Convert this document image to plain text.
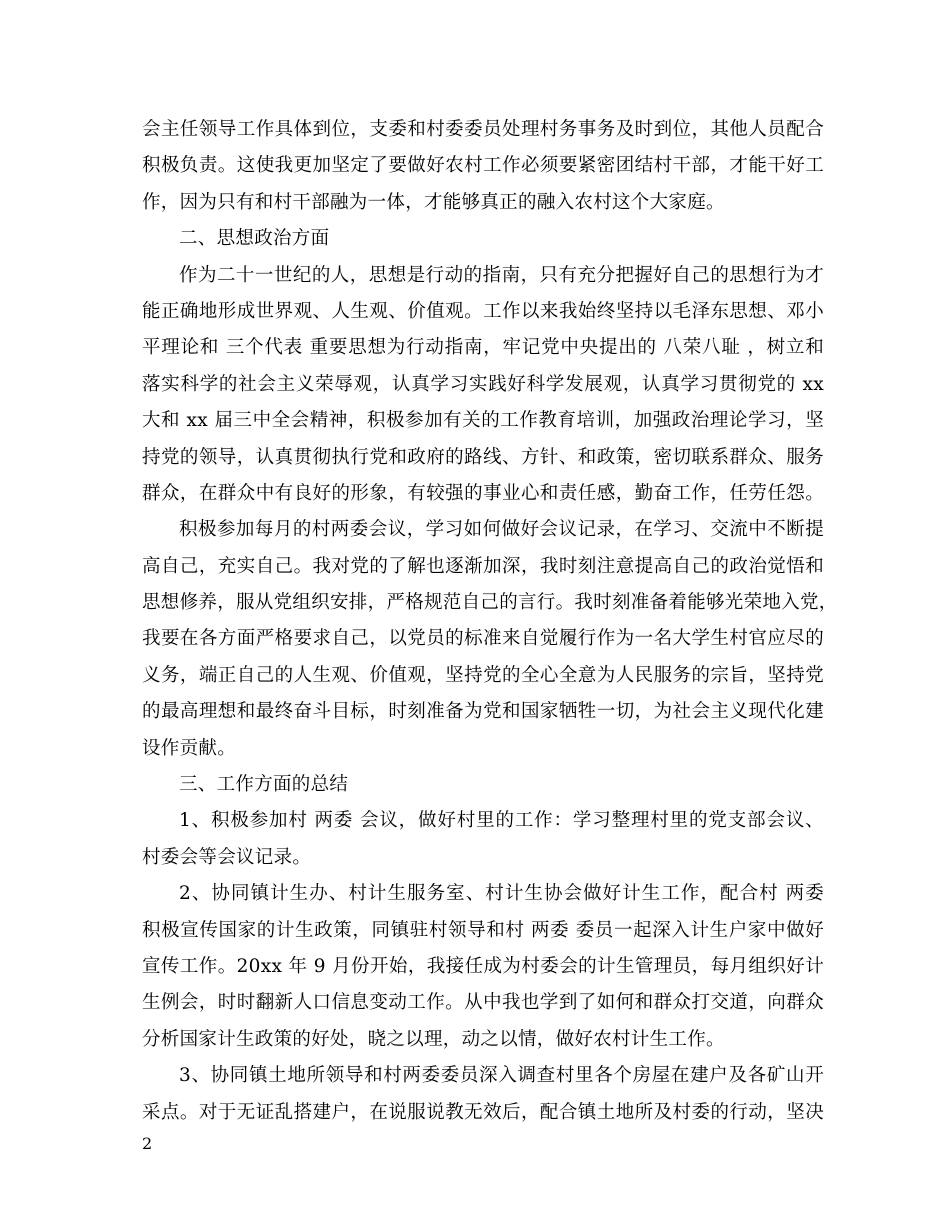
会主任领导工作具体到位，支委和村委委员处理村务事务及时到位，其他人员配合
积极负责。这使我更加坚定了要做好农村工作必须要紧密团结村干部，才能干好工
作，因为只有和村干部融为一体，才能够真正的融入农村这个大家庭。
二、思想政治方面
作为二十一世纪的人，思想是行动的指南，只有充分把握好自己的思想行为才
能正确地形成世界观、人生观、价值观。工作以来我始终坚持以毛泽东思想、邓小
平理论和 三个代表 重要思想为行动指南，牢记党中央提出的 八荣八耻 ，树立和
落实科学的社会主义荣辱观，认真学习实践好科学发展观，认真学习贯彻党的 xx
大和 xx 届三中全会精神，积极参加有关的工作教育培训，加强政治理论学习，坚
持党的领导，认真贯彻执行党和政府的路线、方针、和政策，密切联系群众、服务
群众，在群众中有良好的形象，有较强的事业心和责任感，勤奋工作，任劳任怨。
积极参加每月的村两委会议，学习如何做好会议记录，在学习、交流中不断提
高自己，充实自己。我对党的了解也逐渐加深，我时刻注意提高自己的政治觉悟和
思想修养，服从党组织安排，严格规范自己的言行。我时刻准备着能够光荣地入党，
我要在各方面严格要求自己，以党员的标准来自觉履行作为一名大学生村官应尽的
义务，端正自己的人生观、价值观，坚持党的全心全意为人民服务的宗旨，坚持党
的最高理想和最终奋斗目标，时刻准备为党和国家牺牲一切，为社会主义现代化建
设作贡献。
三、工作方面的总结
1、积极参加村 两委 会议，做好村里的工作：学习整理村里的党支部会议、
村委会等会议记录。
2、协同镇计生办、村计生服务室、村计生协会做好计生工作，配合村 两委
积极宣传国家的计生政策，同镇驻村领导和村 两委 委员一起深入计生户家中做好
宣传工作。20xx 年 9 月份开始，我接任成为村委会的计生管理员，每月组织好计
生例会，时时翻新人口信息变动工作。从中我也学到了如何和群众打交道，向群众
分析国家计生政策的好处，晓之以理，动之以情，做好农村计生工作。
3、协同镇土地所领导和村两委委员深入调查村里各个房屋在建户及各矿山开
采点。对于无证乱搭建户，在说服说教无效后，配合镇土地所及村委的行动，坚决
2
